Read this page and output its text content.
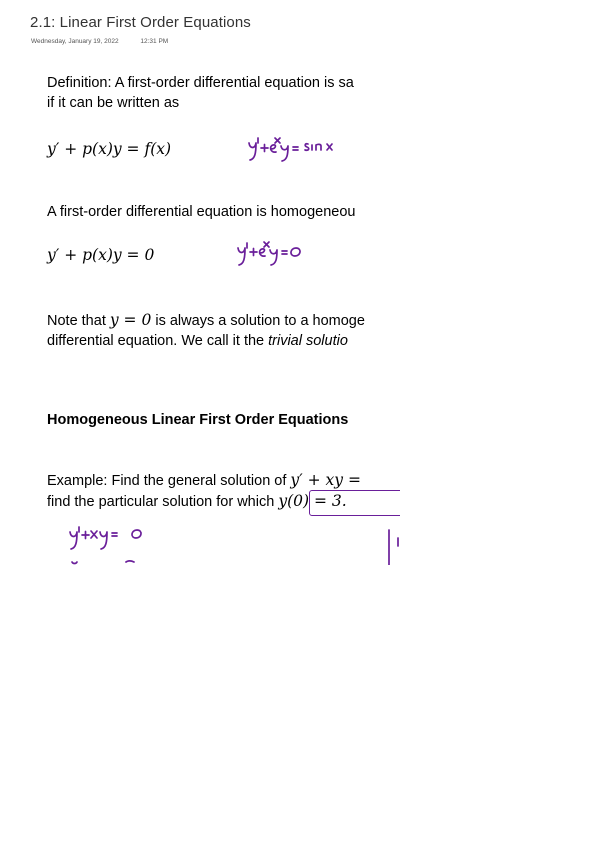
2.1: Linear First Order Equations
Wednesday, January 19, 2022	12:31 PM
Definition: A first-order differential equation is sa
if it can be written as
y′ + p(x)y = f(x)
A first-order differential equation is homogeneou
y′ + p(x)y = 0
Note that y = 0 is always a solution to a homoge
differential equation. We call it the trivial solutio
Homogeneous Linear First Order Equations
Example: Find the general solution of y′ + xy =
find the particular solution for which y(0) = 3.
